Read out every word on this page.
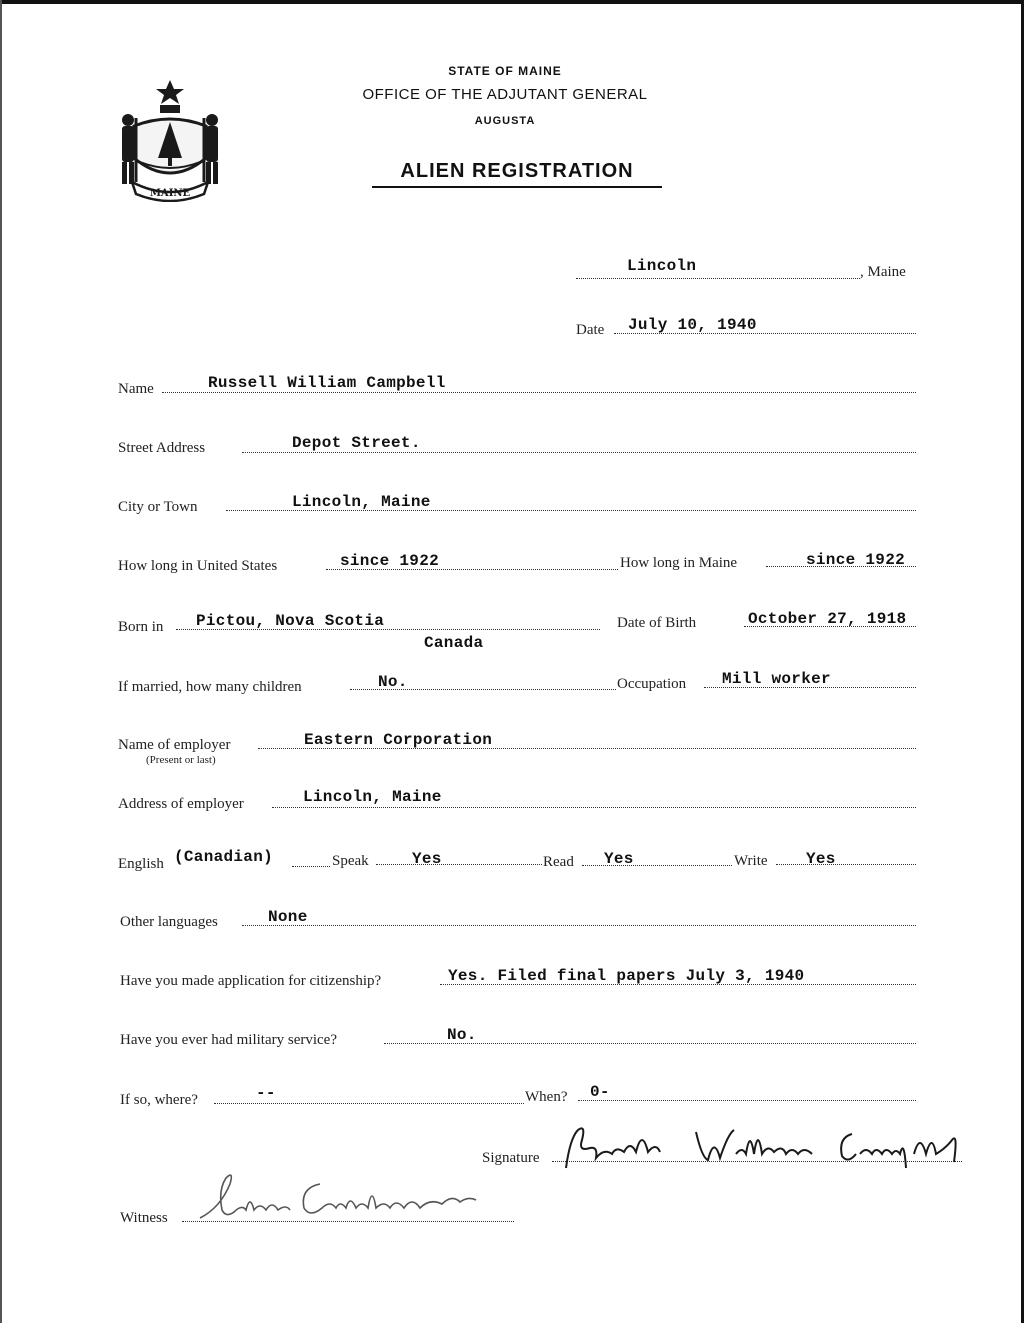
MAINE
STATE OF MAINE
OFFICE OF THE ADJUTANT GENERAL
AUGUSTA
ALIEN REGISTRATION
Lincoln	, Maine
Date July 10, 1940
Name	Russell William Campbell
Street Address	Depot Street.
City or Town	Lincoln, Maine
How long in United States	since 1922	How long in Maine	since 1922
Born in Pictou, Nova Scotia
Canada
Date of Birth	October 27, 1918
If married, how many children	No.	Occupation Mill worker
Name of employer
(Present or last)
Eastern Corporation
Address of employer	Lincoln, Maine
English (Canadian)	Speak	Yes	Read Yes	Write Yes
Other languages	None
Have you made application for citizenship?	Yes. Filed final papers July 3, 1940
Have you ever had military service?	No.
If so, where?	--	When? 0-
Signature
Witness
